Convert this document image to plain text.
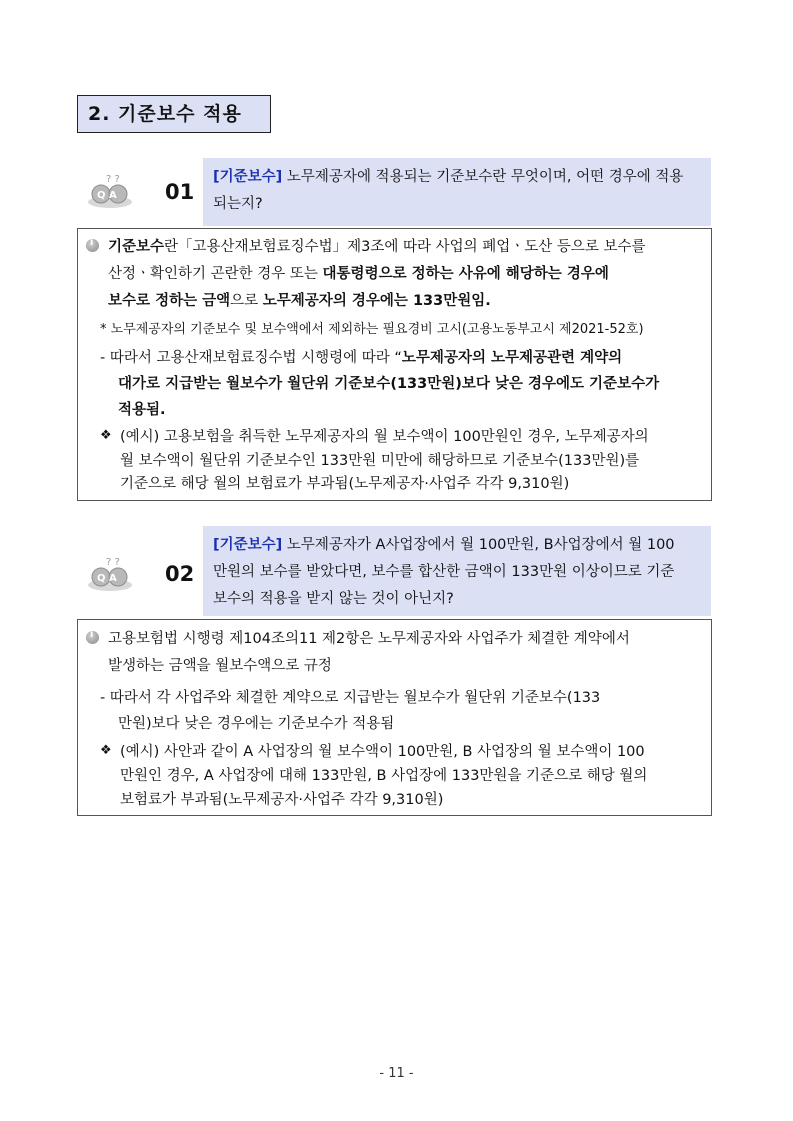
2. 기준보수 적용
Q A
? ?
01
[기준보수] 노무제공자에 적용되는 기준보수란 무엇이며, 어떤 경우에 적용
되는지?
i
기준보수란「고용산재보험료징수법」제3조에 따라 사업의 폐업ㆍ도산 등으로 보수를
산정ㆍ확인하기 곤란한 경우 또는 대통령령으로 정하는 사유에 해당하는 경우에
보수로 정하는 금액으로 노무제공자의 경우에는 133만원임.
* 노무제공자의 기준보수 및 보수액에서 제외하는 필요경비 고시(고용노동부고시 제2021-52호)
- 따라서 고용산재보험료징수법 시행령에 따라 “노무제공자의 노무제공관련 계약의
대가로 지급받는 월보수가 월단위 기준보수(133만원)보다 낮은 경우에도 기준보수가
적용됨.
❖ (예시) 고용보험을 취득한 노무제공자의 월 보수액이 100만원인 경우, 노무제공자의
월 보수액이 월단위 기준보수인 133만원 미만에 해당하므로 기준보수(133만원)를
기준으로 해당 월의 보험료가 부과됨(노무제공자·사업주 각각 9,310원)
Q A
? ? 02
[기준보수] 노무제공자가 A사업장에서 월 100만원, B사업장에서 월 100
만원의 보수를 받았다면, 보수를 합산한 금액이 133만원 이상이므로 기준
보수의 적용을 받지 않는 것이 아닌지?
i
고용보험법 시행령 제104조의11 제2항은 노무제공자와 사업주가 체결한 계약에서
발생하는 금액을 월보수액으로 규정
- 따라서 각 사업주와 체결한 계약으로 지급받는 월보수가 월단위 기준보수(133
만원)보다 낮은 경우에는 기준보수가 적용됨
❖ (예시) 사안과 같이 A 사업장의 월 보수액이 100만원, B 사업장의 월 보수액이 100
만원인 경우, A 사업장에 대해 133만원, B 사업장에 133만원을 기준으로 해당 월의
보험료가 부과됨(노무제공자·사업주 각각 9,310원)
- 11 -
